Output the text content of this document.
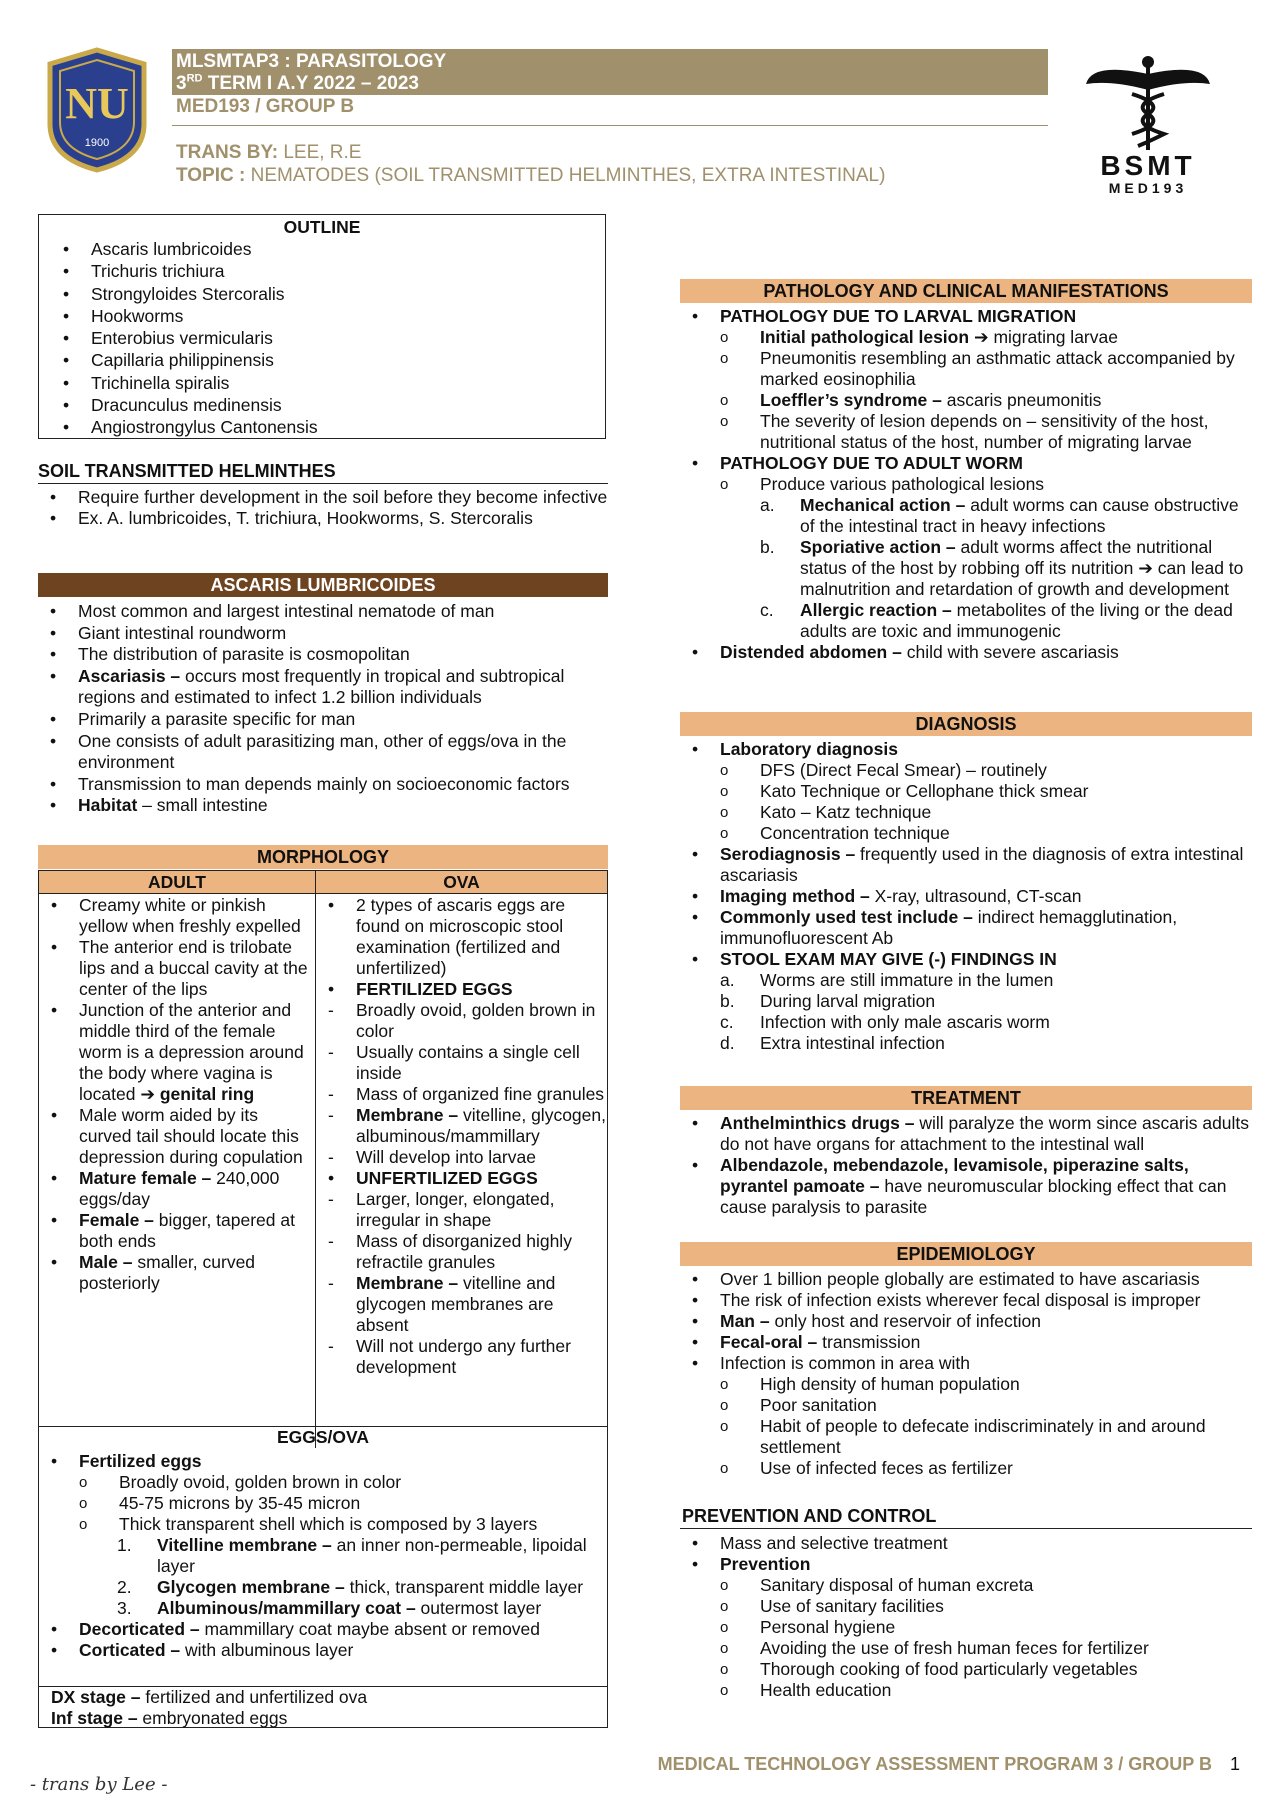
NU
1900
MLSMTAP3 : PARASITOLOGY
3RD TERM I A.Y 2022 – 2023
MED193 / GROUP B
TRANS BY: LEE, R.E
TOPIC : NEMATODES (SOIL TRANSMITTED HELMINTHES, EXTRA INTESTINAL)	BSMT
MED193
OUTLINE
• Ascaris lumbricoides
• Trichuris trichiura
• Strongyloides Stercoralis
• Hookworms
• Enterobius vermicularis
• Capillaria philippinensis
• Trichinella spiralis
• Dracunculus medinensis
• Angiostrongylus Cantonensis
SOIL TRANSMITTED HELMINTHES
• Require further development in the soil before they become infective
• Ex. A. lumbricoides, T. trichiura, Hookworms, S. Stercoralis
ASCARIS LUMBRICOIDES
• Most common and largest intestinal nematode of man
• Giant intestinal roundworm
• The distribution of parasite is cosmopolitan
• Ascariasis – occurs most frequently in tropical and subtropical regions and estimated to infect 1.2 billion individuals
• Primarily a parasite specific for man
• One consists of adult parasitizing man, other of eggs/ova in the environment
• Transmission to man depends mainly on socioeconomic factors
• Habitat – small intestine
MORPHOLOGY
ADULT	OVA
• Creamy white or pinkish yellow when freshly expelled
• The anterior end is trilobate lips and a buccal cavity at the center of the lips
• Junction of the anterior and middle third of the female worm is a depression around the body where vagina is located ➔ genital ring
• Male worm aided by its curved tail should locate this depression during copulation
• Mature female – 240,000 eggs/day
• Female – bigger, tapered at both ends
• Male – smaller, curved posteriorly
• 2 types of ascaris eggs are found on microscopic stool examination (fertilized and unfertilized)
• FERTILIZED EGGS
- Broadly ovoid, golden brown in color
- Usually contains a single cell inside
- Mass of organized fine granules
- Membrane – vitelline, glycogen, albuminous/mammillary
- Will develop into larvae
• UNFERTILIZED EGGS
- Larger, longer, elongated, irregular in shape
- Mass of disorganized highly refractile granules
- Membrane – vitelline and glycogen membranes are absent
- Will not undergo any further development
EGGS/OVA
• Fertilized eggs
o Broadly ovoid, golden brown in color
o 45-75 microns by 35-45 micron
o Thick transparent shell which is composed by 3 layers
1. Vitelline membrane – an inner non-permeable, lipoidal layer
2. Glycogen membrane – thick, transparent middle layer
3. Albuminous/mammillary coat – outermost layer
• Decorticated – mammillary coat maybe absent or removed
• Corticated – with albuminous layer
DX stage – fertilized and unfertilized ova
Inf stage – embryonated eggs
PATHOLOGY AND CLINICAL MANIFESTATIONS
• PATHOLOGY DUE TO LARVAL MIGRATION
o Initial pathological lesion ➔ migrating larvae
o Pneumonitis resembling an asthmatic attack accompanied by marked eosinophilia
o Loeffler’s syndrome – ascaris pneumonitis
o The severity of lesion depends on – sensitivity of the host, nutritional status of the host, number of migrating larvae
• PATHOLOGY DUE TO ADULT WORM
o Produce various pathological lesions
a. Mechanical action – adult worms can cause obstructive of the intestinal tract in heavy infections
b. Sporiative action – adult worms affect the nutritional status of the host by robbing off its nutrition ➔ can lead to malnutrition and retardation of growth and development
c. Allergic reaction – metabolites of the living or the dead adults are toxic and immunogenic
• Distended abdomen – child with severe ascariasis
DIAGNOSIS
• Laboratory diagnosis
o DFS (Direct Fecal Smear) – routinely
o Kato Technique or Cellophane thick smear
o Kato – Katz technique
o Concentration technique
• Serodiagnosis – frequently used in the diagnosis of extra intestinal ascariasis
• Imaging method – X-ray, ultrasound, CT-scan
• Commonly used test include – indirect hemagglutination, immunofluorescent Ab
• STOOL EXAM MAY GIVE (-) FINDINGS IN
a. Worms are still immature in the lumen
b. During larval migration
c. Infection with only male ascaris worm
d. Extra intestinal infection
TREATMENT
• Anthelminthics drugs – will paralyze the worm since ascaris adults do not have organs for attachment to the intestinal wall
• Albendazole, mebendazole, levamisole, piperazine salts, pyrantel pamoate – have neuromuscular blocking effect that can cause paralysis to parasite
EPIDEMIOLOGY
• Over 1 billion people globally are estimated to have ascariasis
• The risk of infection exists wherever fecal disposal is improper
• Man – only host and reservoir of infection
• Fecal-oral – transmission
• Infection is common in area with
o High density of human population
o Poor sanitation
o Habit of people to defecate indiscriminately in and around settlement
o Use of infected feces as fertilizer
PREVENTION AND CONTROL
• Mass and selective treatment
• Prevention
o Sanitary disposal of human excreta
o Use of sanitary facilities
o Personal hygiene
o Avoiding the use of fresh human feces for fertilizer
o Thorough cooking of food particularly vegetables
o Health education
MEDICAL TECHNOLOGY ASSESSMENT PROGRAM 3 / GROUP B 1
- trans by Lee -
